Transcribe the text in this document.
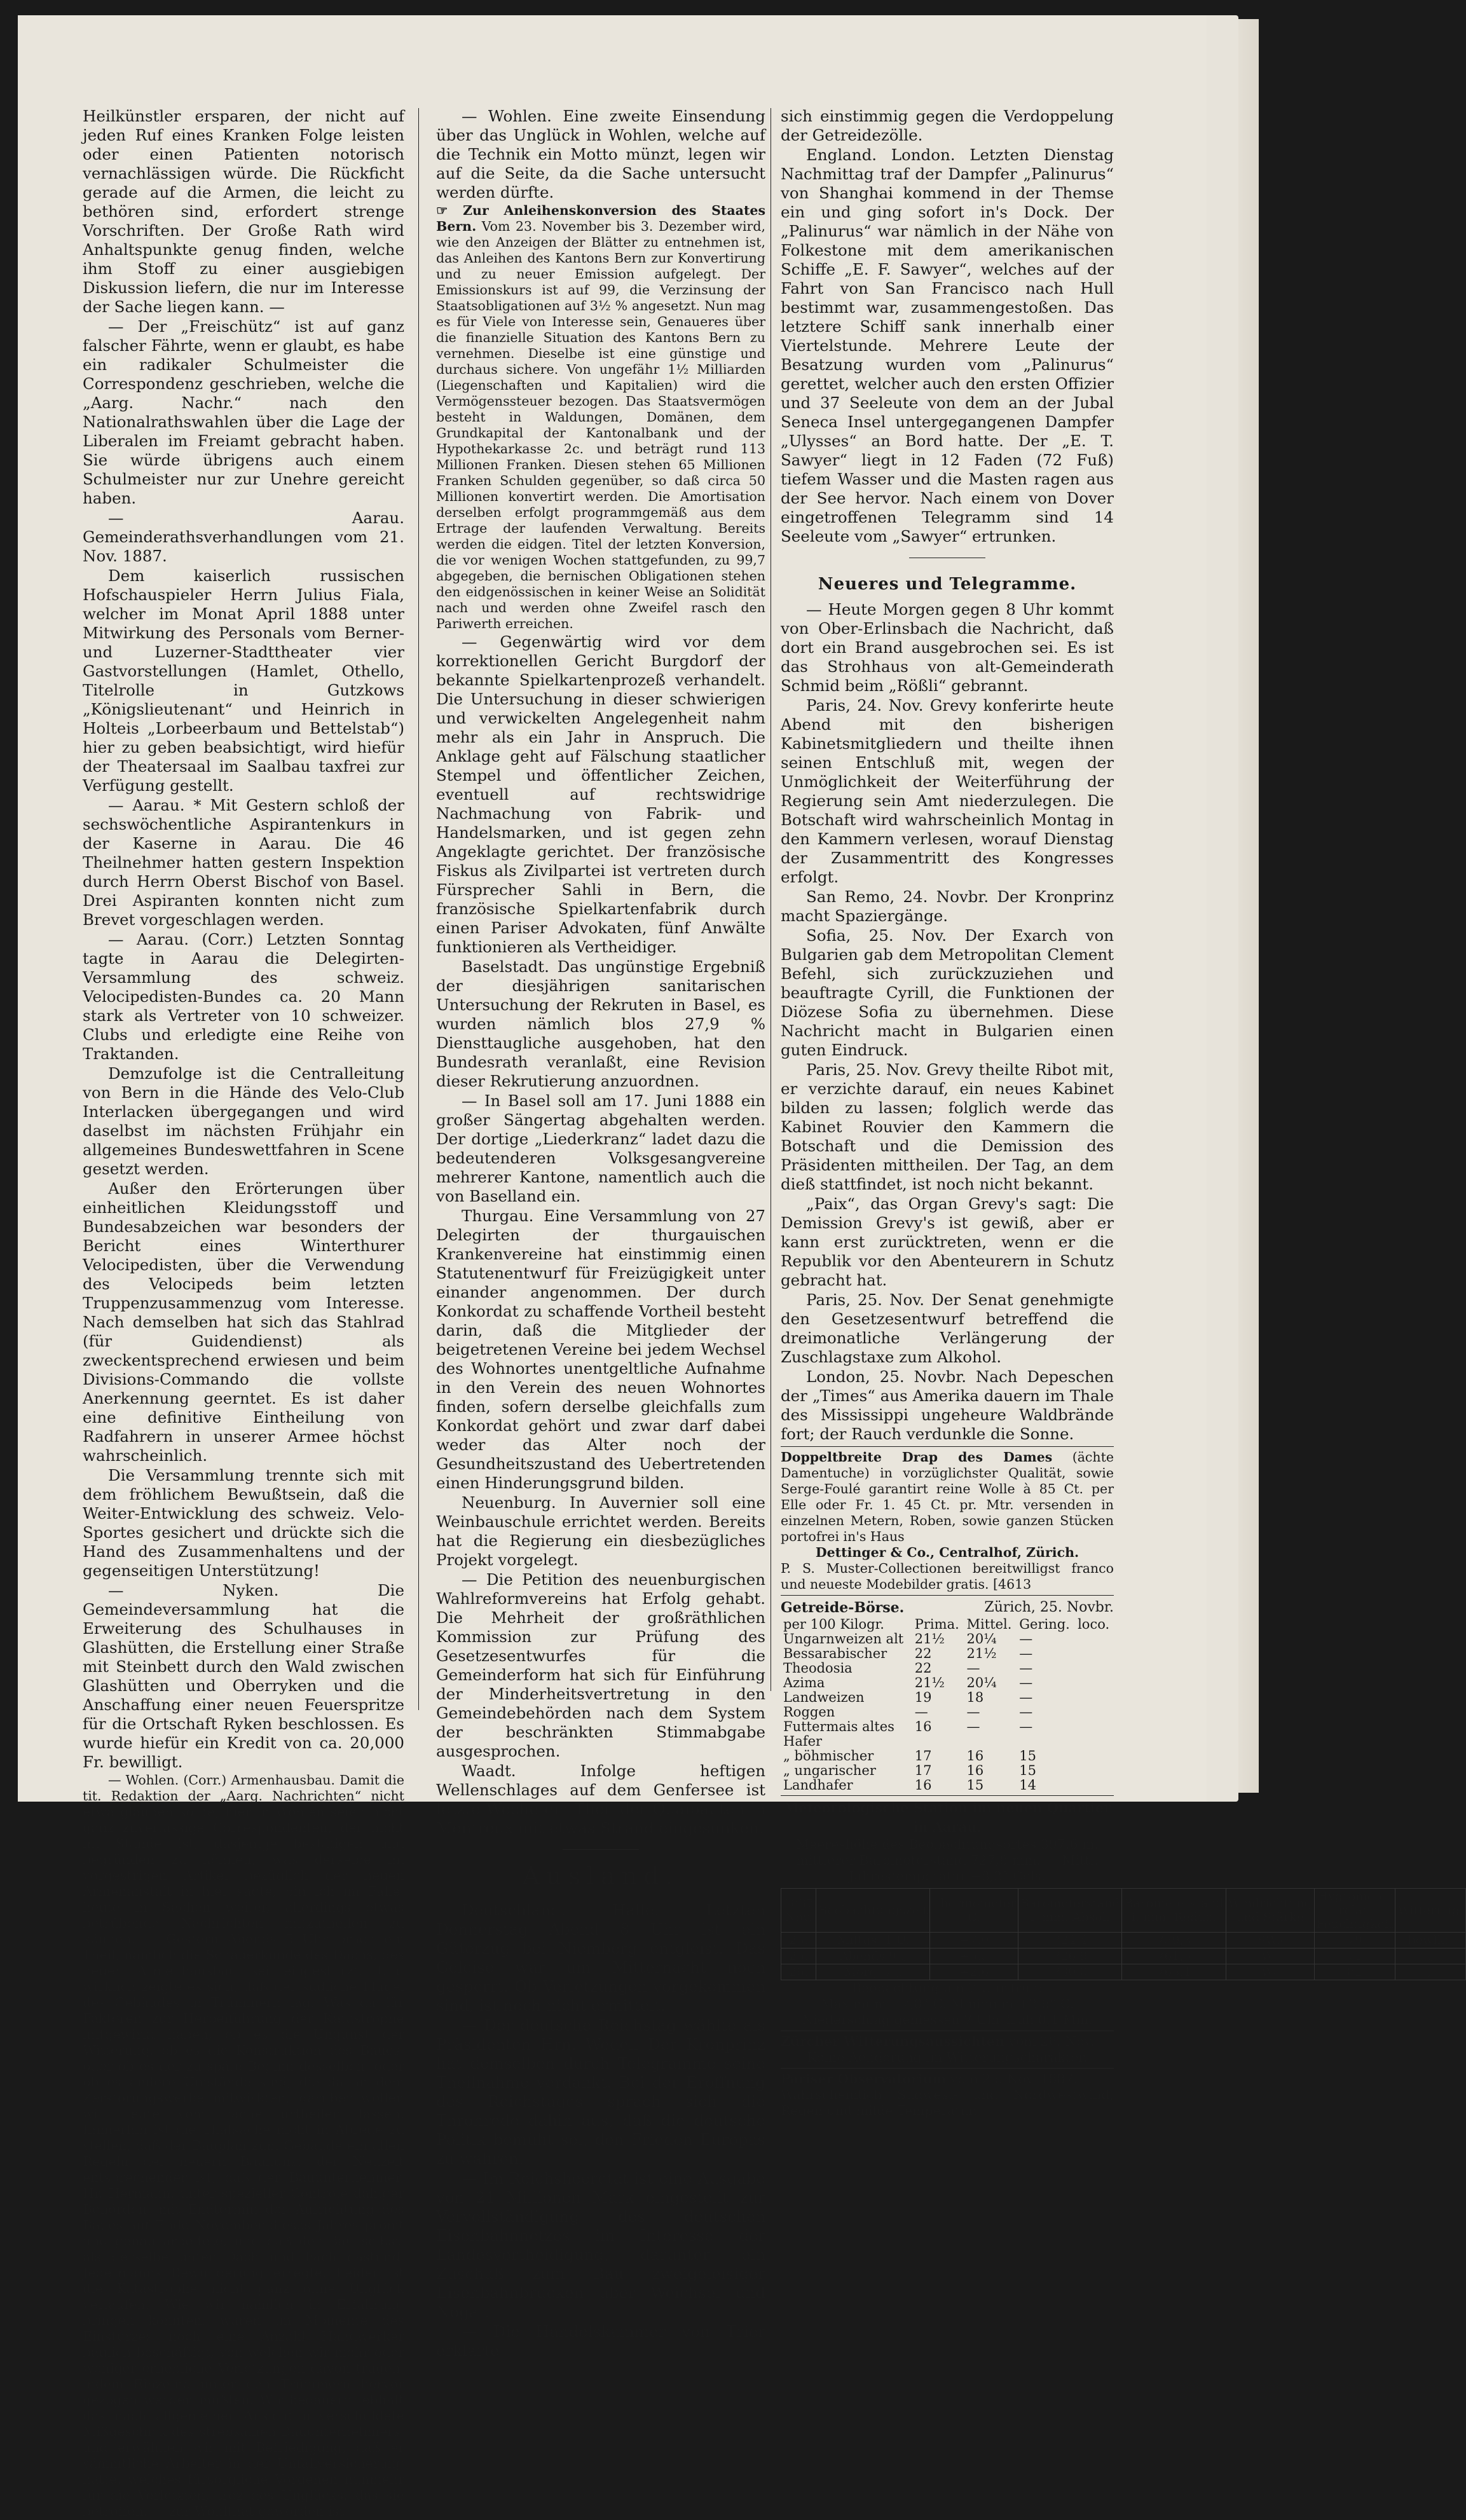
Heilkünstler ersparen, der nicht auf jeden Ruf eines Kranken Folge leisten oder einen Patienten notorisch vernachlässigen würde. Die Rückficht gerade auf die Armen, die leicht zu bethören sind, erfordert strenge Vorschriften. Der Große Rath wird Anhaltspunkte genug finden, welche ihm Stoff zu einer ausgiebigen Diskussion liefern, die nur im Interesse der Sache liegen kann. —

— Der „Freischütz“ ist auf ganz falscher Fährte, wenn er glaubt, es habe ein radikaler Schulmeister die Correspondenz geschrieben, welche die „Aarg. Nachr.“ nach den Nationalrathswahlen über die Lage der Liberalen im Freiamt gebracht haben. Sie würde übrigens auch einem Schulmeister nur zur Unehre gereicht haben.

— Aarau. Gemeinderathsverhandlungen vom 21. Nov. 1887.

Dem kaiserlich russischen Hofschauspieler Herrn Julius Fiala, welcher im Monat April 1888 unter Mitwirkung des Personals vom Berner- und Luzerner-Stadttheater vier Gastvorstellungen (Hamlet, Othello, Titelrolle in Gutzkows „Königslieutenant“ und Heinrich in Holteis „Lorbeerbaum und Bettelstab“) hier zu geben beabsichtigt, wird hiefür der Theatersaal im Saalbau taxfrei zur Verfügung gestellt.

— Aarau. * Mit Gestern schloß der sechswöchentliche Aspirantenkurs in der Kaserne in Aarau. Die 46 Theilnehmer hatten gestern Inspektion durch Herrn Oberst Bischof von Basel. Drei Aspiranten konnten nicht zum Brevet vorgeschlagen werden.

— Aarau. (Corr.) Letzten Sonntag tagte in Aarau die Delegirten-Versammlung des schweiz. Velocipedisten-Bundes ca. 20 Mann stark als Vertreter von 10 schweizer. Clubs und erledigte eine Reihe von Traktanden.

Demzufolge ist die Centralleitung von Bern in die Hände des Velo-Club Interlacken übergegangen und wird daselbst im nächsten Frühjahr ein allgemeines Bundeswettfahren in Scene gesetzt werden.

Außer den Erörterungen über einheitlichen Kleidungsstoff und Bundesabzeichen war besonders der Bericht eines Winterthurer Velocipedisten, über die Verwendung des Velocipeds beim letzten Truppenzusammenzug vom Interesse. Nach demselben hat sich das Stahlrad (für Guidendienst) als zweckentsprechend erwiesen und beim Divisions-Commando die vollste Anerkennung geerntet. Es ist daher eine definitive Eintheilung von Radfahrern in unserer Armee höchst wahrscheinlich.

Die Versammlung trennte sich mit dem fröhlichem Bewußtsein, daß die Weiter-Entwicklung des schweiz. Velo-Sportes gesichert und drückte sich die Hand des Zusammenhaltens und der gegenseitigen Unterstützung!

— Nyken. Die Gemeindeversammlung hat die Erweiterung des Schulhauses in Glashütten, die Erstellung einer Straße mit Steinbett durch den Wald zwischen Glashütten und Oberryken und die Anschaffung einer neuen Feuerspritze für die Ortschaft Ryken beschlossen. Es wurde hiefür ein Kredit von ca. 20,000 Fr. bewilligt.

— Wohlen. (Corr.) Armenhausbau. Damit die tit. Redaktion der „Aarg. Nachrichten“ nicht etwa glauben sollte, hier in Wohlen seien nicht ganz zuverlässige Correspondenten, der nicht im Stande ist, dasjenige bestätigen und begründen zu können, was derselbe im vorgestrigen Artikel bezüglich der neuen Armenanstalt in hier sagte, bin ich im Falle, heute in Sachen weiter, allerdings etwas betrübende Nachrichten mitzutheilen zu können. — Gestern Abends 5 Uhr brach ein Theil, nämlich die Schauerkunde des Dachs, des neuen Armenhausbau sei eingestürzt. Und wirklich zeigte es sich, daß der südliche Flügel des Gebäudes in Trümmern lag. Was da für Faktoren zur Herbeiführung der Katastrophe mitgewirkt haben, ob es die Ungunst der Witterung, ob es die Konstruktion des Baues, oder ob es der zu späte Beginn desselben, oder ob es andere Umstände sind, die da an dem Zerstörungswerke mitwirkten, darüber wollen wir Leute vom Fache urtheilen lassen. Immerhin ist die Thatsache nicht in Abrede zu stellen, daß der Bauplan zum Gebäude ein allen Regeln der neuern Baukunst der Neuzeit entsprechender ist, daß der Bauunternehmer, Hr. Hermann, unter spezieller Controle dahiger Behörden, mit Endtermin der Aufrichtung des Baues auf Ende November dieses Jahres promt und genau arbeitete, und daß der Bau selbst, als derselbe unter Dach und Fach dastund, Jedermanns Bewunderung erregte. Leider ist die Katastrophe nicht ganz ohne Unglück verlaufen. Wie wir nämlich in Erfahrung bringen konnten, waren im Momente des Einsturzes noch eine Anzahl Handwerker baulich beschäftigt, von welchen wir mehr oder weniger erhebliche Verletzungen davon trugen, indem Einzelne unter den Trümmern hervor gezogen werden mußten. Wir bedauern lebhaft das nach allgemeiner Ansicht unverschuldete Mißgeschick des strebsamen Bauunternehmers, und erwähnen wir mit Befriedigung, daß er sämmtliche Arbeiter in der Unfallversicherung hatte, welches fürsorgliche Vorgehen nunmehr für die Verletzten, troz des Unglücks, das sie betroffen, — zur Wohlthat geworden ist.

— Wohlen. Eine zweite Einsendung über das Unglück in Wohlen, welche auf die Technik ein Motto münzt, legen wir auf die Seite, da die Sache untersucht werden dürfte.

☞ Zur Anleihenskonversion des Staates Bern. Vom 23. November bis 3. Dezember wird, wie den Anzeigen der Blätter zu entnehmen ist, das Anleihen des Kantons Bern zur Konvertirung und zu neuer Emission aufgelegt. Der Emissionskurs ist auf 99, die Verzinsung der Staatsobligationen auf 3½ % angesetzt. Nun mag es für Viele von Interesse sein, Genaueres über die finanzielle Situation des Kantons Bern zu vernehmen. Dieselbe ist eine günstige und durchaus sichere. Von ungefähr 1½ Milliarden (Liegenschaften und Kapitalien) wird die Vermögenssteuer bezogen. Das Staatsvermögen besteht in Waldungen, Domänen, dem Grundkapital der Kantonalbank und der Hypothekarkasse 2c. und beträgt rund 113 Millionen Franken. Diesen stehen 65 Millionen Franken Schulden gegenüber, so daß circa 50 Millionen konvertirt werden. Die Amortisation derselben erfolgt programmgemäß aus dem Ertrage der laufenden Verwaltung. Bereits werden die eidgen. Titel der letzten Konversion, die vor wenigen Wochen stattgefunden, zu 99,7 abgegeben, die bernischen Obligationen stehen den eidgenössischen in keiner Weise an Solidität nach und werden ohne Zweifel rasch den Pariwerth erreichen.

— Gegenwärtig wird vor dem korrektionellen Gericht Burgdorf der bekannte Spielkartenprozeß verhandelt. Die Untersuchung in dieser schwierigen und verwickelten Angelegenheit nahm mehr als ein Jahr in Anspruch. Die Anklage geht auf Fälschung staatlicher Stempel und öffentlicher Zeichen, eventuell auf rechtswidrige Nachmachung von Fabrik- und Handelsmarken, und ist gegen zehn Angeklagte gerichtet. Der französische Fiskus als Zivilpartei ist vertreten durch Fürsprecher Sahli in Bern, die französische Spielkartenfabrik durch einen Pariser Advokaten, fünf Anwälte funktionieren als Vertheidiger.

Baselstadt. Das ungünstige Ergebniß der diesjährigen sanitarischen Untersuchung der Rekruten in Basel, es wurden nämlich blos 27,9 % Diensttaugliche ausgehoben, hat den Bundesrath veranlaßt, eine Revision dieser Rekrutierung anzuordnen.

— In Basel soll am 17. Juni 1888 ein großer Sängertag abgehalten werden. Der dortige „Liederkranz“ ladet dazu die bedeutenderen Volksgesangvereine mehrerer Kantone, namentlich auch die von Baselland ein.

Thurgau. Eine Versammlung von 27 Delegirten der thurgauischen Krankenvereine hat einstimmig einen Statutenentwurf für Freizügigkeit unter einander angenommen. Der durch Konkordat zu schaffende Vortheil besteht darin, daß die Mitglieder der beigetretenen Vereine bei jedem Wechsel des Wohnortes unentgeltliche Aufnahme in den Verein des neuen Wohnortes finden, sofern derselbe gleichfalls zum Konkordat gehört und zwar darf dabei weder das Alter noch der Gesundheitszustand des Uebertretenden einen Hinderungsgrund bilden.

Neuenburg. In Auvernier soll eine Weinbauschule errichtet werden. Bereits hat die Regierung ein diesbezügliches Projekt vorgelegt.

— Die Petition des neuenburgischen Wahlreformvereins hat Erfolg gehabt. Die Mehrheit der großräthlichen Kommission zur Prüfung des Gesetzesentwurfes für die Gemeinderform hat sich für Einführung der Minderheitsvertretung in den Gemeindebehörden nach dem System der beschränkten Stimmabgabe ausgesprochen.

Waadt. Infolge heftigen Wellenschlages auf dem Genfersee ist letzte Woche ein Theil der Quaibauten in Montreux mit etwas Strand eingesunken.

Ausland.

Deutschland. Halle. Letzten Donnerstag Abend 8 Uhr ist ein Güterzug bei Niemberg entgleist. Das Geleise war um Mitternacht noch gesperrt. Ob Verletzungen vorgekommen sind, ist noch nicht ermittelt.

— Der deutsche Reichstag wählte als Präsidenten Hrn. Wedell Der Kronprinz hat demselben durch Telegramme seine Theilnahme verdankt. Bei der Eröffnung des Reichstages sprach sich die Thronrede dahin aus, daß die deutsche Politik bemüht sei, den Frieden Europas zu wahren.

— Im Reichsheeretat ist eine Ausgabe von 21 Millionen Mark eingestellt zur Vervollständigung des deutschen Eisenbahnnetzes im Interesse der Landesvertheidigung, darunter ein Zuschuß zum Bau zweigeleisiger Eisenbahnbrücken über Weichsel und Nogat.

— Die Handelskammer von Trier erklärte

sich einstimmig gegen die Verdoppelung der Getreidezölle.

England. London. Letzten Dienstag Nachmittag traf der Dampfer „Palinurus“ von Shanghai kommend in der Themse ein und ging sofort in's Dock. Der „Palinurus“ war nämlich in der Nähe von Folkestone mit dem amerikanischen Schiffe „E. F. Sawyer“, welches auf der Fahrt von San Francisco nach Hull bestimmt war, zusammengestoßen. Das letztere Schiff sank innerhalb einer Viertelstunde. Mehrere Leute der Besatzung wurden vom „Palinurus“ gerettet, welcher auch den ersten Offizier und 37 Seeleute von dem an der Jubal Seneca Insel untergegangenen Dampfer „Ulysses“ an Bord hatte. Der „E. T. Sawyer“ liegt in 12 Faden (72 Fuß) tiefem Wasser und die Masten ragen aus der See hervor. Nach einem von Dover eingetroffenen Telegramm sind 14 Seeleute vom „Sawyer“ ertrunken.

Neueres und Telegramme.

— Heute Morgen gegen 8 Uhr kommt von Ober-Erlinsbach die Nachricht, daß dort ein Brand ausgebrochen sei. Es ist das Strohhaus von alt-Gemeinderath Schmid beim „Rößli“ gebrannt.

Paris, 24. Nov. Grevy konferirte heute Abend mit den bisherigen Kabinetsmitgliedern und theilte ihnen seinen Entschluß mit, wegen der Unmöglichkeit der Weiterführung der Regierung sein Amt niederzulegen. Die Botschaft wird wahrscheinlich Montag in den Kammern verlesen, worauf Dienstag der Zusammentritt des Kongresses erfolgt.

San Remo, 24. Novbr. Der Kronprinz macht Spaziergänge.

Sofia, 25. Nov. Der Exarch von Bulgarien gab dem Metropolitan Clement Befehl, sich zurückzuziehen und beauftragte Cyrill, die Funktionen der Diözese Sofia zu übernehmen. Diese Nachricht macht in Bulgarien einen guten Eindruck.

Paris, 25. Nov. Grevy theilte Ribot mit, er verzichte darauf, ein neues Kabinet bilden zu lassen; folglich werde das Kabinet Rouvier den Kammern die Botschaft und die Demission des Präsidenten mittheilen. Der Tag, an dem dieß stattfindet, ist noch nicht bekannt.

„Paix“, das Organ Grevy's sagt: Die Demission Grevy's ist gewiß, aber er kann erst zurücktreten, wenn er die Republik vor den Abenteurern in Schutz gebracht hat.

Paris, 25. Nov. Der Senat genehmigte den Gesetzesentwurf betreffend die dreimonatliche Verlängerung der Zuschlagstaxe zum Alkohol.

London, 25. Novbr. Nach Depeschen der „Times“ aus Amerika dauern im Thale des Mississippi ungeheure Waldbrände fort; der Rauch verdunkle die Sonne.

Doppeltbreite Drap des Dames (ächte Damentuche) in vorzüglichster Qualität, sowie Serge-Foulé garantirt reine Wolle à 85 Ct. per Elle oder Fr. 1. 45 Ct. pr. Mtr. versenden in einzelnen Metern, Roben, sowie ganzen Stücken portofrei in's Haus
Dettinger & Co., Centralhof, Zürich.
P. S. Muster-Collectionen bereitwilligst franco und neueste Modebilder gratis. [4613
Getreide-Börse.	Zürich, 25. Novbr.
per 100 Kilogr.	Prima.	Mittel.	Gering.	loco.
Ungarnweizen alt	21½	20¼	—	
Bessarabischer	22	21½	—	
Theodosia	22	—	—	
Azima	21½	20¼	—	
Landweizen	19	18	—	
Roggen	—	—	—	
Futtermais altes	16	—	—	
Hafer				
„ böhmischer	17	16	15	
„ ungarischer	17	16	15	
Landhafer	16	15	14	
Meteorologische Station im neuen Quartier in Aarau.
Meereshöhe des Beobachtungsortes 397,6 m.
mittlerer Barometerstand 727,8 mm. — Mittl. Jahrestemperatur +8,2° Cels.
1887 Nov.	Beobachtungszeit	Thermometer C.	Barometerstand i. mm. Absol.	Barometerstand i. mm. Reduc.	Windrichtung und Stärke	Hygrometer relat. Feuchtigkeit	Witterung.
25.	Mittgs. 1 U.	+7,0	724,4	759,3	SW₂	79	bewlkt.
25.	Abends 9 „	+5,5	726,9	761,5	W₂	71	„
26.	Morg. 7 „	+2,6	730,0	765,1	W₀	82	„
Beobachtung um 7 Uhr früh:
Maximum +7,0° C. Minimum +2,6° C.
Niederschlag gemessen 7 Uhr früh 0,1 Mm.
Zürcher Witterungsaussichten vom 26. Nov.
Keine Aenderung im Witterungscharakter.
Pariser Observatorium vom 25. Nov. 1887.
Wahrscheinlich Südwest- und Nordwestwind, Regen und milde Temperatur.
